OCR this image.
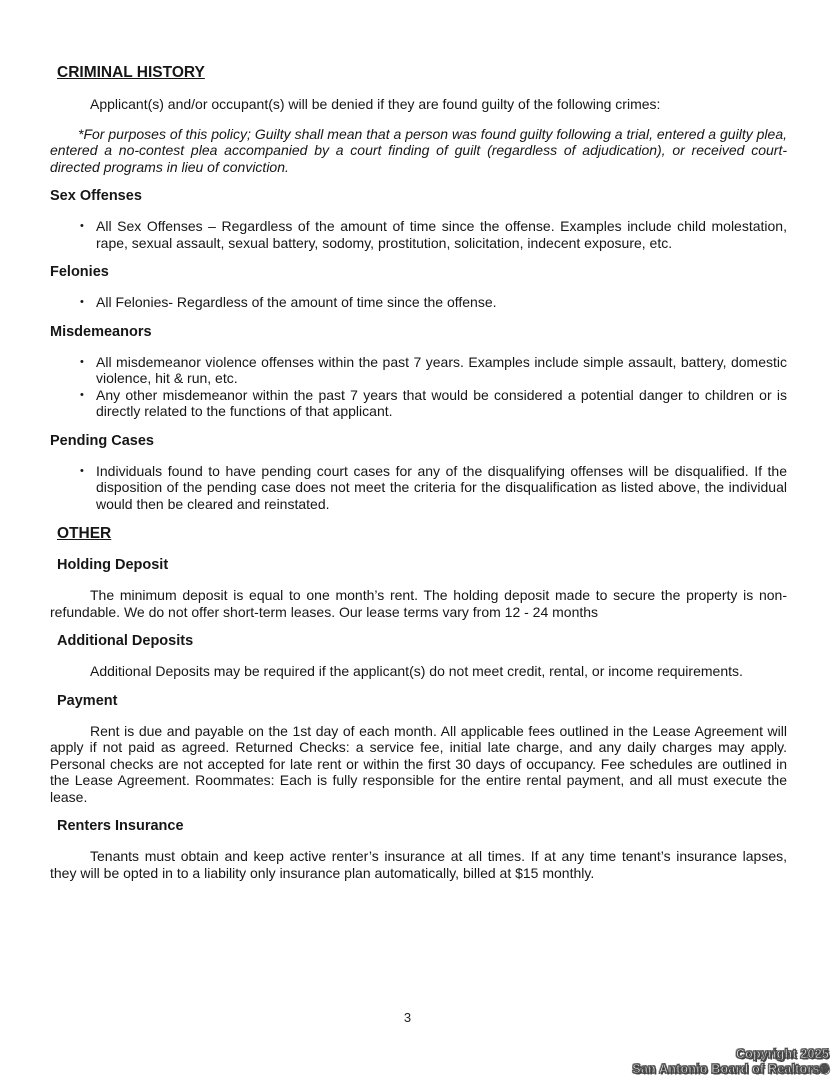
CRIMINAL HISTORY

Applicant(s) and/or occupant(s) will be denied if they are found guilty of the following crimes:

*For purposes of this policy; Guilty shall mean that a person was found guilty following a trial, entered a guilty plea, entered a no-contest plea accompanied by a court finding of guilt (regardless of adjudication), or received court-directed programs in lieu of conviction.

Sex Offenses
• All Sex Offenses – Regardless of the amount of time since the offense. Examples include child molestation, rape, sexual assault, sexual battery, sodomy, prostitution, solicitation, indecent exposure, etc.
Felonies
• All Felonies- Regardless of the amount of time since the offense.
Misdemeanors
• All misdemeanor violence offenses within the past 7 years. Examples include simple assault, battery, domestic violence, hit & run, etc.
• Any other misdemeanor within the past 7 years that would be considered a potential danger to children or is directly related to the functions of that applicant.
Pending Cases
• Individuals found to have pending court cases for any of the disqualifying offenses will be disqualified. If the disposition of the pending case does not meet the criteria for the disqualification as listed above, the individual would then be cleared and reinstated.
OTHER
Holding Deposit

The minimum deposit is equal to one month’s rent. The holding deposit made to secure the property is non- refundable. We do not offer short-term leases. Our lease terms vary from 12 - 24 months

Additional Deposits

Additional Deposits may be required if the applicant(s) do not meet credit, rental, or income requirements.

Payment

Rent is due and payable on the 1st day of each month. All applicable fees outlined in the Lease Agreement will apply if not paid as agreed. Returned Checks: a service fee, initial late charge, and any daily charges may apply. Personal checks are not accepted for late rent or within the first 30 days of occupancy. Fee schedules are outlined in the Lease Agreement. Roommates: Each is fully responsible for the entire rental payment, and all must execute the lease.

Renters Insurance

Tenants must obtain and keep active renter’s insurance at all times. If at any time tenant’s insurance lapses, they will be opted in to a liability only insurance plan automatically, billed at $15 monthly.

3
Copyright 2025
San Antonio Board of Realtors®
